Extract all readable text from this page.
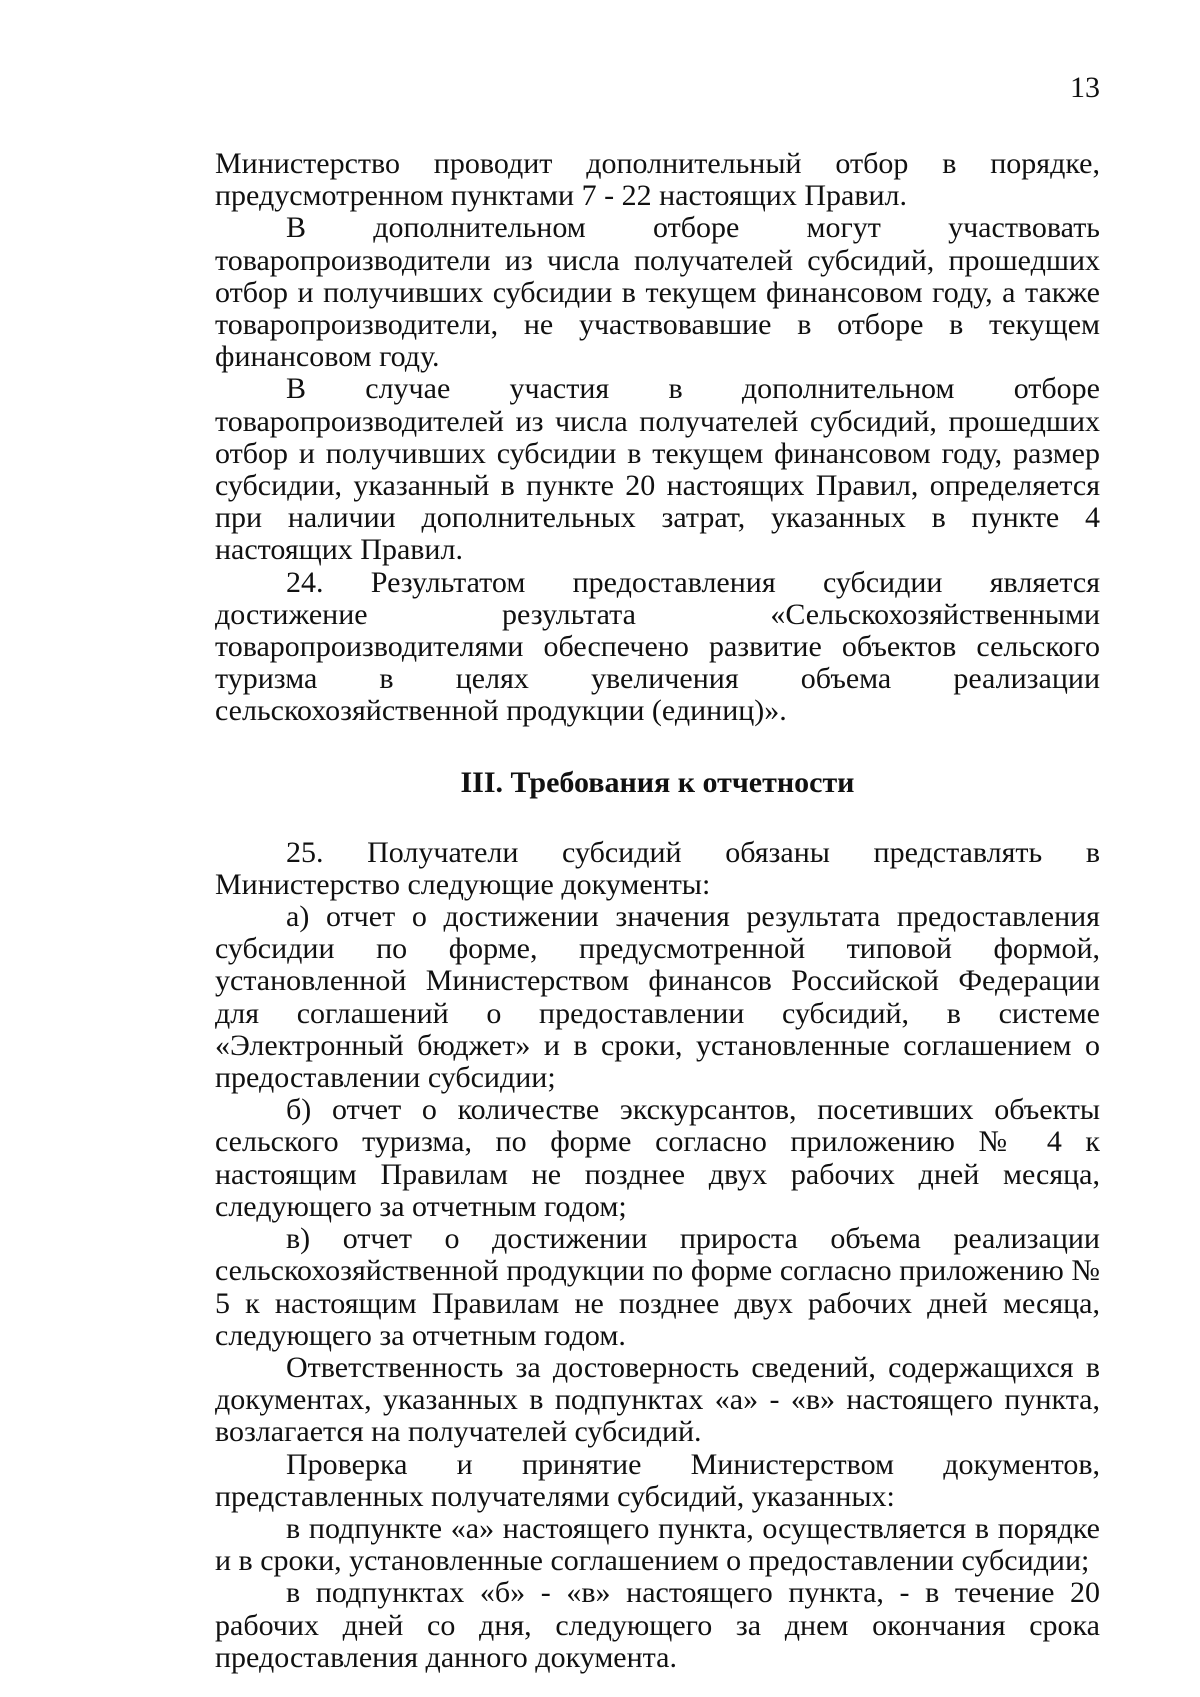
13

Министерство проводит дополнительный отбор в порядке, предусмотренном пунктами 7 - 22 настоящих Правил.

В дополнительном отборе могут участвовать товаропроизводители из числа получателей субсидий, прошедших отбор и получивших субсидии в текущем финансовом году, а также товаропроизводители, не участвовавшие в отборе в текущем финансовом году.

В случае участия в дополнительном отборе товаропроизводителей из числа получателей субсидий, прошедших отбор и получивших субсидии в текущем финансовом году, размер субсидии, указанный в пункте 20 настоящих Правил, определяется при наличии дополнительных затрат, указанных в пункте 4 настоящих Правил.

24. Результатом предоставления субсидии является достижение результата «Сельскохозяйственными товаропроизводителями обеспечено развитие объектов сельского туризма в целях увеличения объема реализации сельскохозяйственной продукции (единиц)».

III. Требования к отчетности

25. Получатели субсидий обязаны представлять в Министерство следующие документы:

а) отчет о достижении значения результата предоставления субсидии по форме, предусмотренной типовой формой, установленной Министерством финансов Российской Федерации для соглашений о предоставлении субсидий, в системе «Электронный бюджет» и в сроки, установленные соглашением о предоставлении субсидии;

б) отчет о количестве экскурсантов, посетивших объекты сельского туризма, по форме согласно приложению № 4 к настоящим Правилам не позднее двух рабочих дней месяца, следующего за отчетным годом;

в) отчет о достижении прироста объема реализации сельскохозяйственной продукции по форме согласно приложению № 5 к настоящим Правилам не позднее двух рабочих дней месяца, следующего за отчетным годом.

Ответственность за достоверность сведений, содержащихся в документах, указанных в подпунктах «а» - «в» настоящего пункта, возлагается на получателей субсидий.

Проверка и принятие Министерством документов, представленных получателями субсидий, указанных:

в подпункте «а» настоящего пункта, осуществляется в порядке и в сроки, установленные соглашением о предоставлении субсидии;

в подпунктах «б» - «в» настоящего пункта, - в течение 20 рабочих дней со дня, следующего за днем окончания срока предоставления данного документа.
